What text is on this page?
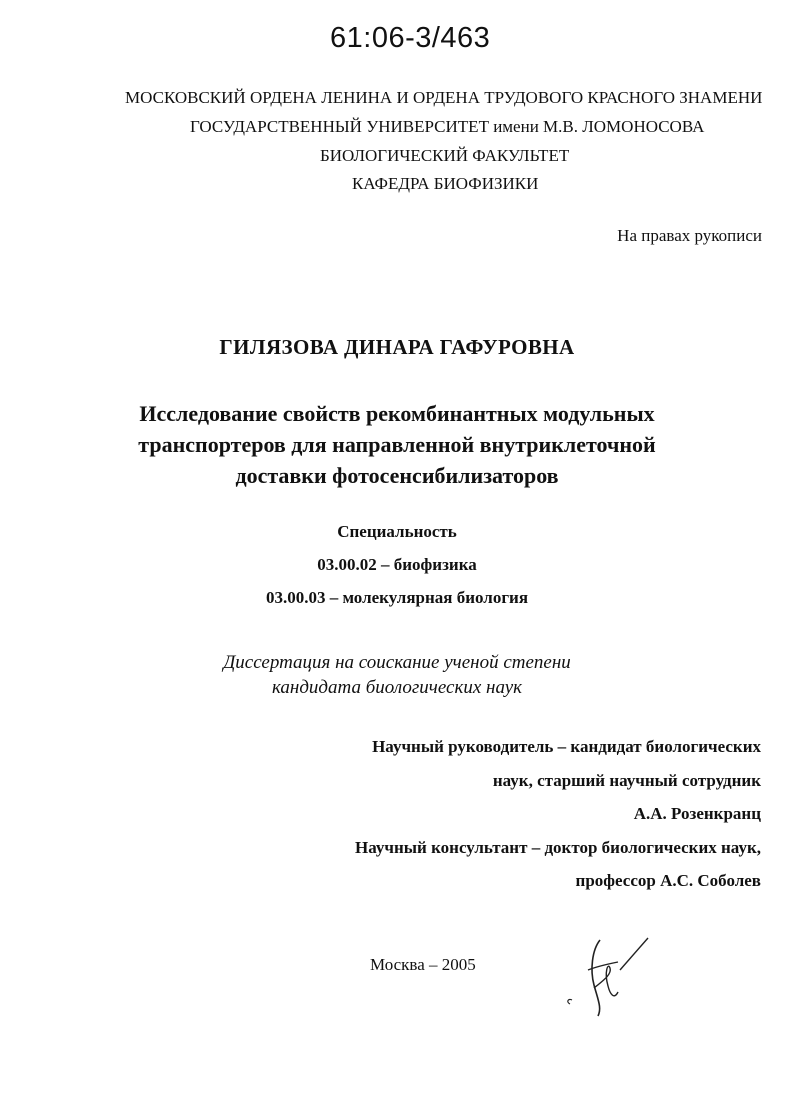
61:06-3/463
МОСКОВСКИЙ ОРДЕНА ЛЕНИНА И ОРДЕНА ТРУДОВОГО КРАСНОГО ЗНАМЕНИ
ГОСУДАРСТВЕННЫЙ УНИВЕРСИТЕТ имени М.В. ЛОМОНОСОВА
БИОЛОГИЧЕСКИЙ ФАКУЛЬТЕТ
КАФЕДРА БИОФИЗИКИ
На правах рукописи
ГИЛЯЗОВА ДИНАРА ГАФУРОВНА
Исследование свойств рекомбинантных модульных
транспортеров для направленной внутриклеточной
доставки фотосенсибилизаторов
Специальность
03.00.02 – биофизика
03.00.03 – молекулярная биология
Диссертация на соискание ученой степени
кандидата биологических наук
Научный руководитель – кандидат биологических
наук, старший научный сотрудник
А.А. Розенкранц
Научный консультант – доктор биологических наук,
профессор А.С. Соболев
Москва – 2005
